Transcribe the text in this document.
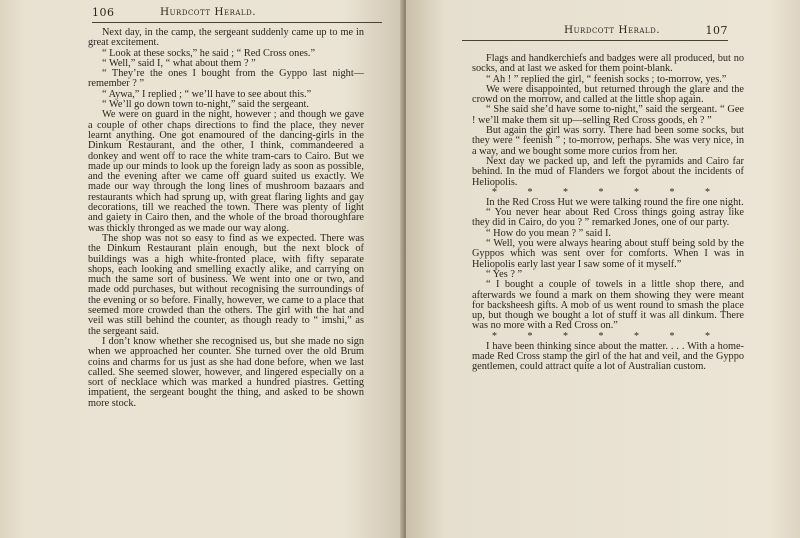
106	Hurdcott Herald.

Next day, in the camp, the sergeant suddenly came up to me in great excitement.

“ Look at these socks,” he said ; “ Red Cross ones.”

“ Well,” said I, “ what about them ? ”

“ They’re the ones I bought from the Gyppo last night—remember ? ”

“ Aywa,” I replied ; “ we’ll have to see about this.”

“ We’ll go down town to-night,” said the sergeant.

We were on guard in the night, however ; and though we gave a couple of other chaps directions to find the place, they never learnt anything. One got enamoured of the dancing-girls in the Dinkum Restaurant, and the other, I think, commandeered a donkey and went off to race the white tram-cars to Cairo. But we made up our minds to look up the foreign lady as soon as possible, and the evening after we came off guard suited us exactly. We made our way through the long lines of mushroom bazaars and restaurants which had sprung up, with great flaring lights and gay decorations, till we reached the town. There was plenty of light and gaiety in Cairo then, and the whole of the broad thoroughfare was thickly thronged as we made our way along.

The shop was not so easy to find as we expected. There was the Dinkum Restaurant plain enough, but the next block of buildings was a high white-fronted place, with fifty separate shops, each looking and smelling exactly alike, and carrying on much the same sort of business. We went into one or two, and made odd purchases, but without recognising the surroundings of the evening or so before. Finally, however, we came to a place that seemed more crowded than the others. The girl with the hat and veil was still behind the counter, as though ready to “ imshi,” as the sergeant said.

I don’t know whether she recognised us, but she made no sign when we approached her counter. She turned over the old Brum coins and charms for us just as she had done before, when we last called. She seemed slower, however, and lingered especially on a sort of necklace which was marked a hundred piastres. Getting impatient, the sergeant bought the thing, and asked to be shown more stock.

Hurdcott Herald.	107

Flags and handkerchiefs and badges were all produced, but no socks, and at last we asked for them point-blank.

“ Ah ! ” replied the girl, “ feenish socks ; to-morrow, yes.”

We were disappointed, but returned through the glare and the crowd on the morrow, and called at the little shop again.

“ She said she’d have some to-night,” said the sergeant. “ Gee ! we’ll make them sit up—selling Red Cross goods, eh ? ”

But again the girl was sorry. There had been some socks, but they were “ feenish ” ; to-morrow, perhaps. She was very nice, in a way, and we bought some more curios from her.

Next day we packed up, and left the pyramids and Cairo far behind. In the mud of Flanders we forgot about the incidents of Heliopolis.

* * * * * * *

In the Red Cross Hut we were talking round the fire one night.

“ You never hear about Red Cross things going astray like they did in Cairo, do you ? ” remarked Jones, one of our party.

“ How do you mean ? ” said I.

“ Well, you were always hearing about stuff being sold by the Gyppos which was sent over for comforts. When I was in Heliopolis early last year I saw some of it myself.”

“ Yes ? ”

“ I bought a couple of towels in a little shop there, and afterwards we found a mark on them showing they were meant for backsheesh gifts. A mob of us went round to smash the place up, but though we bought a lot of stuff it was all dinkum. There was no more with a Red Cross on.”

* * * * * * *

I have been thinking since about the matter. . . . With a home-made Red Cross stamp the girl of the hat and veil, and the Gyppo gentlemen, could attract quite a lot of Australian custom.
